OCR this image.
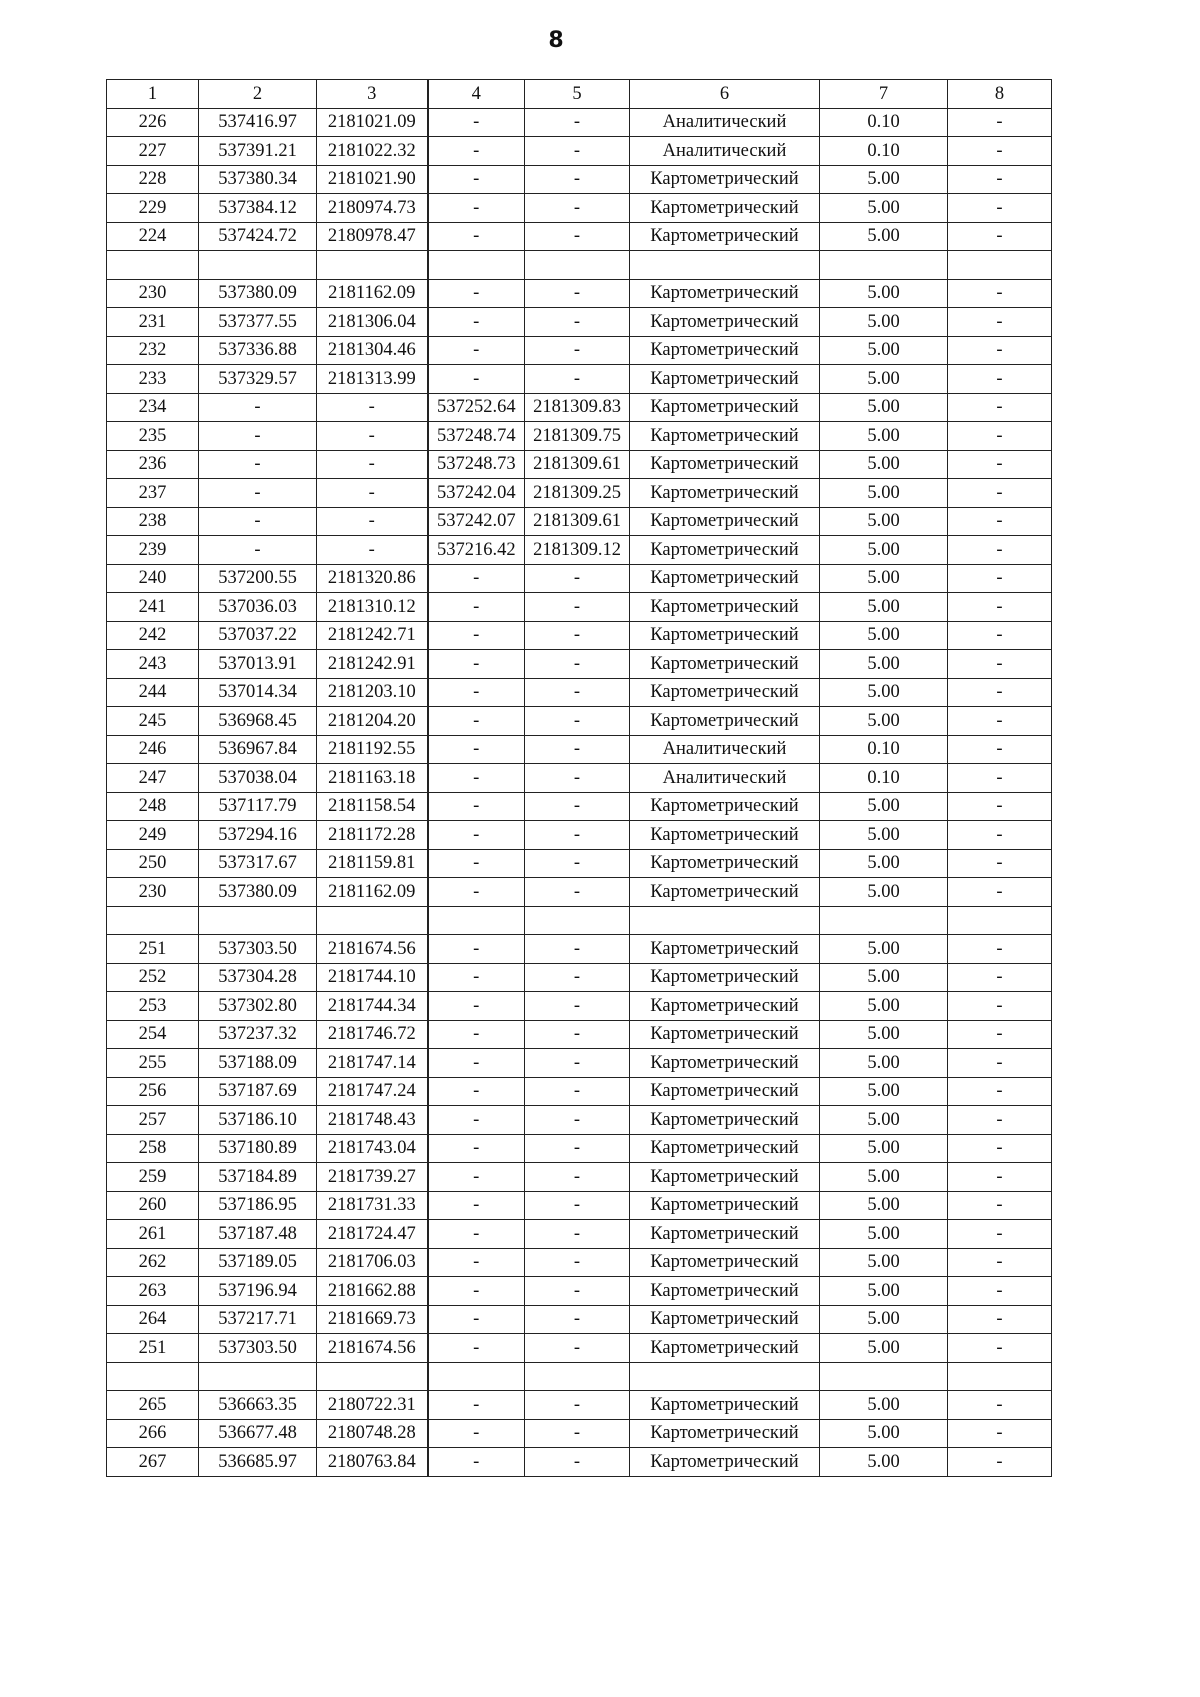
8
1	2	3	4	5	6	7	8
226	537416.97	2181021.09	-	-	Аналитический	0.10	-
227	537391.21	2181022.32	-	-	Аналитический	0.10	-
228	537380.34	2181021.90	-	-	Картометрический	5.00	-
229	537384.12	2180974.73	-	-	Картометрический	5.00	-
224	537424.72	2180978.47	-	-	Картометрический	5.00	-

230	537380.09	2181162.09	-	-	Картометрический	5.00	-
231	537377.55	2181306.04	-	-	Картометрический	5.00	-
232	537336.88	2181304.46	-	-	Картометрический	5.00	-
233	537329.57	2181313.99	-	-	Картометрический	5.00	-
234	-	-	537252.64	2181309.83	Картометрический	5.00	-
235	-	-	537248.74	2181309.75	Картометрический	5.00	-
236	-	-	537248.73	2181309.61	Картометрический	5.00	-
237	-	-	537242.04	2181309.25	Картометрический	5.00	-
238	-	-	537242.07	2181309.61	Картометрический	5.00	-
239	-	-	537216.42	2181309.12	Картометрический	5.00	-
240	537200.55	2181320.86	-	-	Картометрический	5.00	-
241	537036.03	2181310.12	-	-	Картометрический	5.00	-
242	537037.22	2181242.71	-	-	Картометрический	5.00	-
243	537013.91	2181242.91	-	-	Картометрический	5.00	-
244	537014.34	2181203.10	-	-	Картометрический	5.00	-
245	536968.45	2181204.20	-	-	Картометрический	5.00	-
246	536967.84	2181192.55	-	-	Аналитический	0.10	-
247	537038.04	2181163.18	-	-	Аналитический	0.10	-
248	537117.79	2181158.54	-	-	Картометрический	5.00	-
249	537294.16	2181172.28	-	-	Картометрический	5.00	-
250	537317.67	2181159.81	-	-	Картометрический	5.00	-
230	537380.09	2181162.09	-	-	Картометрический	5.00	-

251	537303.50	2181674.56	-	-	Картометрический	5.00	-
252	537304.28	2181744.10	-	-	Картометрический	5.00	-
253	537302.80	2181744.34	-	-	Картометрический	5.00	-
254	537237.32	2181746.72	-	-	Картометрический	5.00	-
255	537188.09	2181747.14	-	-	Картометрический	5.00	-
256	537187.69	2181747.24	-	-	Картометрический	5.00	-
257	537186.10	2181748.43	-	-	Картометрический	5.00	-
258	537180.89	2181743.04	-	-	Картометрический	5.00	-
259	537184.89	2181739.27	-	-	Картометрический	5.00	-
260	537186.95	2181731.33	-	-	Картометрический	5.00	-
261	537187.48	2181724.47	-	-	Картометрический	5.00	-
262	537189.05	2181706.03	-	-	Картометрический	5.00	-
263	537196.94	2181662.88	-	-	Картометрический	5.00	-
264	537217.71	2181669.73	-	-	Картометрический	5.00	-
251	537303.50	2181674.56	-	-	Картометрический	5.00	-

265	536663.35	2180722.31	-	-	Картометрический	5.00	-
266	536677.48	2180748.28	-	-	Картометрический	5.00	-
267	536685.97	2180763.84	-	-	Картометрический	5.00	-
